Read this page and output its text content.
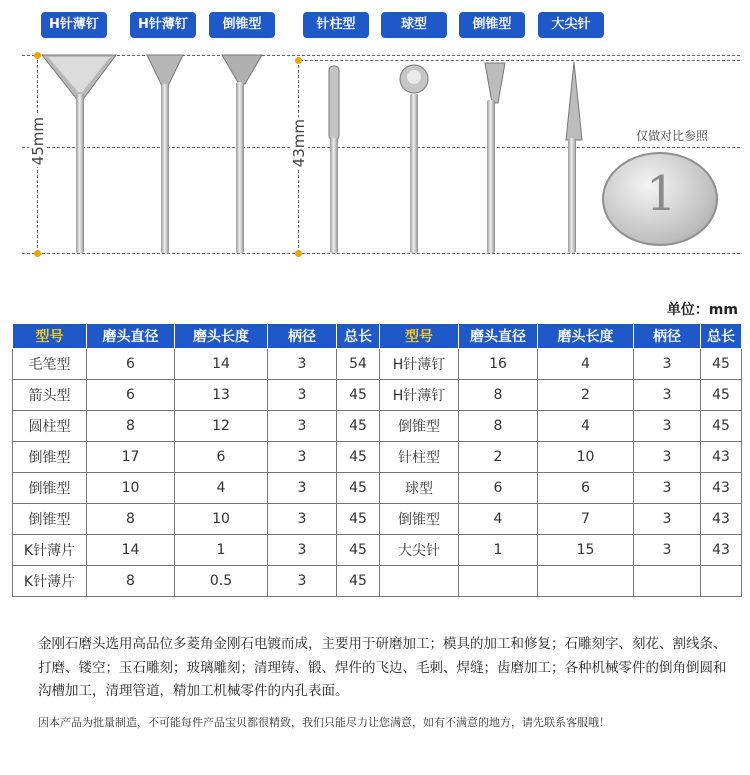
H针薄钉	H针薄钉	倒锥型	针柱型	球型	倒锥型	大尖针
45mm	43mm	仅做对比参照
1
单位：mm
型号	磨头直径	磨头长度	柄径	总长	型号	磨头直径	磨头长度	柄径	总长
毛笔型	6	14	3	54	H针薄钉	16	4	3	45
箭头型	6	13	3	45	H针薄钉	8	2	3	45
圆柱型	8	12	3	45	倒锥型	8	4	3	45
倒锥型	17	6	3	45	针柱型	2	10	3	43
倒锥型	10	4	3	45	球型	6	6	3	43
倒锥型	8	10	3	45	倒锥型	4	7	3	43
K针薄片	14	1	3	45	大尖针	1	15	3	43
K针薄片	8	0.5	3	45					
金刚石磨头选用高品位多菱角金刚石电镀而成，主要用于研磨加工；模具的加工和修复；石雕刻字、刻花、割线条、打磨、镂空；玉石雕刻；玻璃雕刻；清理铸、锻、焊件的飞边、毛刺、焊缝；齿磨加工；各种机械零件的倒角倒圆和沟槽加工，清理管道，精加工机械零件的内孔表面。
因本产品为批量制造，不可能每件产品宝贝都很精致，我们只能尽力让您满意，如有不满意的地方，请先联系客服哦！
